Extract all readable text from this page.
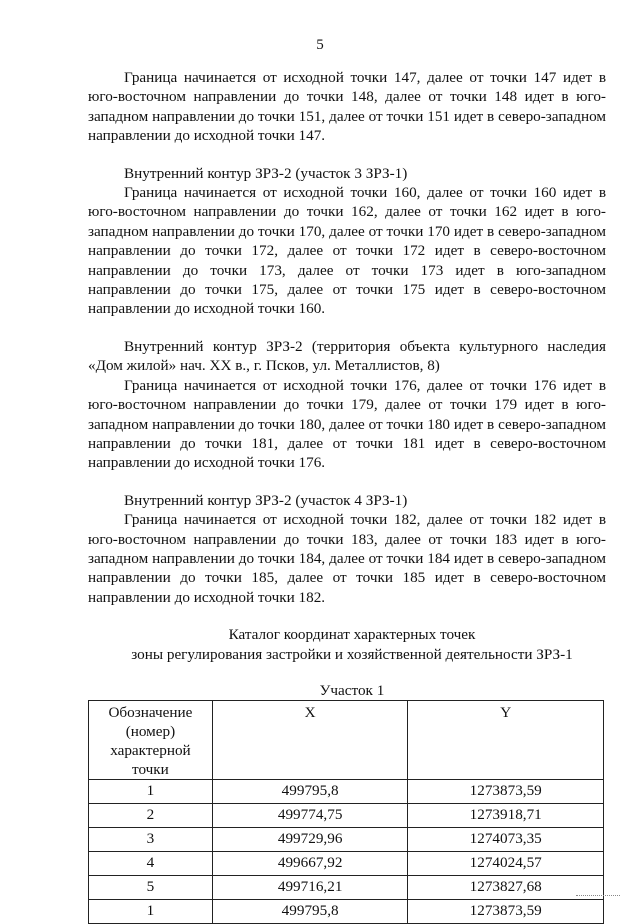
5

Граница начинается от исходной точки 147, далее от точки 147 идет в юго-восточном направлении до точки 148, далее от точки 148 идет в юго-западном направлении до точки 151, далее от точки 151 идет в северо-западном направлении до исходной точки 147.

Внутренний контур ЗРЗ-2 (участок 3 ЗРЗ-1)

Граница начинается от исходной точки 160, далее от точки 160 идет в юго-восточном направлении до точки 162, далее от точки 162 идет в юго-западном направлении до точки 170, далее от точки 170 идет в северо-западном направлении до точки 172, далее от точки 172 идет в северо-восточном направлении до точки 173, далее от точки 173 идет в юго-западном направлении до точки 175, далее от точки 175 идет в северо-восточном направлении до исходной точки 160.

Внутренний контур ЗРЗ-2 (территория объекта культурного наследия «Дом жилой» нач. XX в., г. Псков, ул. Металлистов, 8)

Граница начинается от исходной точки 176, далее от точки 176 идет в юго-восточном направлении до точки 179, далее от точки 179 идет в юго-западном направлении до точки 180, далее от точки 180 идет в северо-западном направлении до точки 181, далее от точки 181 идет в северо-восточном направлении до исходной точки 176.

Внутренний контур ЗРЗ-2 (участок 4 ЗРЗ-1)

Граница начинается от исходной точки 182, далее от точки 182 идет в юго-восточном направлении до точки 183, далее от точки 183 идет в юго-западном направлении до точки 184, далее от точки 184 идет в северо-западном направлении до точки 185, далее от точки 185 идет в северо-восточном направлении до исходной точки 182.

Каталог координат характерных точек
зоны регулирования застройки и хозяйственной деятельности ЗРЗ-1
Участок 1
Обозначение (номер) характерной точки	X	Y
1	499795,8	1273873,59
2	499774,75	1273918,71
3	499729,96	1274073,35
4	499667,92	1274024,57
5	499716,21	1273827,68
1	499795,8	1273873,59
